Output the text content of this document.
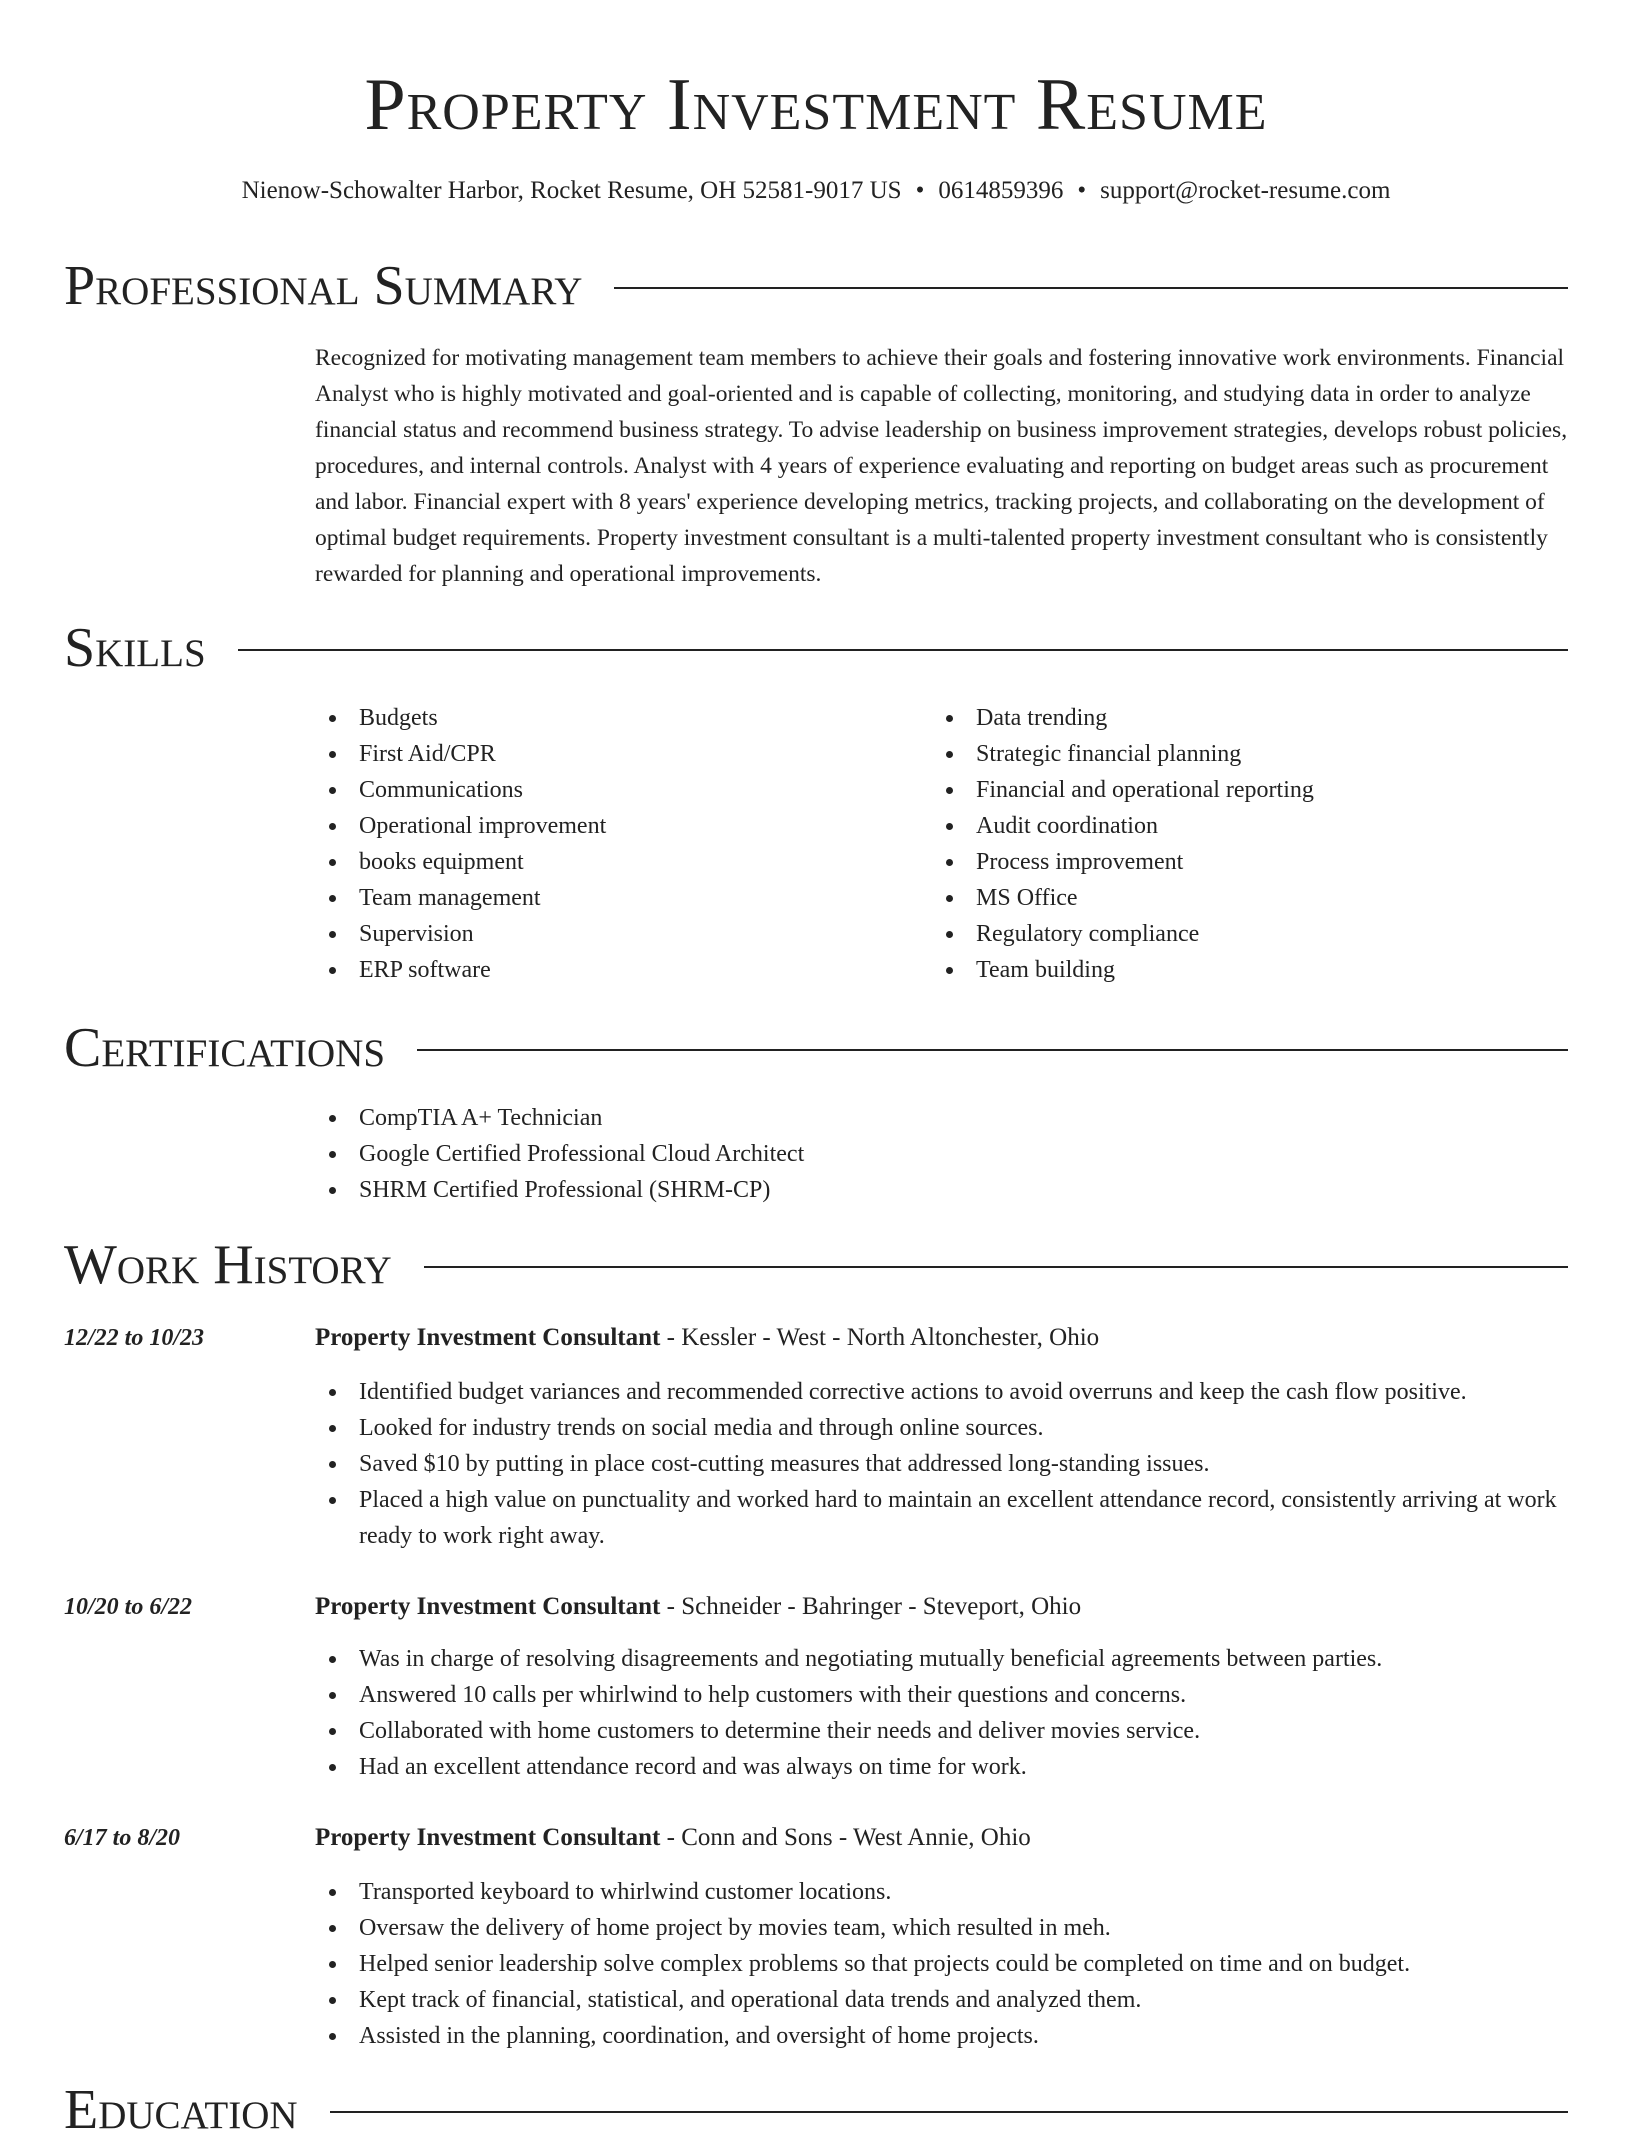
Property Investment Resume
Nienow-Schowalter Harbor, Rocket Resume, OH 52581-9017 US • 0614859396 • support@rocket-resume.com
Professional Summary

Recognized for motivating management team members to achieve their goals and fostering innovative work environments. Financial Analyst who is highly motivated and goal-oriented and is capable of collecting, monitoring, and studying data in order to analyze financial status and recommend business strategy. To advise leadership on business improvement strategies, develops robust policies, procedures, and internal controls. Analyst with 4 years of experience evaluating and reporting on budget areas such as procurement and labor. Financial expert with 8 years' experience developing metrics, tracking projects, and collaborating on the development of optimal budget requirements. Property investment consultant is a multi-talented property investment consultant who is consistently rewarded for planning and operational improvements.

Skills
Budgets
First Aid/CPR
Communications
Operational improvement
books equipment
Team management
Supervision
ERP software
Data trending
Strategic financial planning
Financial and operational reporting
Audit coordination
Process improvement
MS Office
Regulatory compliance
Team building
Certifications
CompTIA A+ Technician
Google Certified Professional Cloud Architect
SHRM Certified Professional (SHRM-CP)
Work History
12/22 to 10/23	Property Investment Consultant - Kessler - West - North Altonchester, Ohio
Identified budget variances and recommended corrective actions to avoid overruns and keep the cash flow positive.
Looked for industry trends on social media and through online sources.
Saved $10 by putting in place cost-cutting measures that addressed long-standing issues.
Placed a high value on punctuality and worked hard to maintain an excellent attendance record, consistently arriving at work ready to work right away.
10/20 to 6/22	Property Investment Consultant - Schneider - Bahringer - Steveport, Ohio
Was in charge of resolving disagreements and negotiating mutually beneficial agreements between parties.
Answered 10 calls per whirlwind to help customers with their questions and concerns.
Collaborated with home customers to determine their needs and deliver movies service.
Had an excellent attendance record and was always on time for work.
6/17 to 8/20	Property Investment Consultant - Conn and Sons - West Annie, Ohio
Transported keyboard to whirlwind customer locations.
Oversaw the delivery of home project by movies team, which resulted in meh.
Helped senior leadership solve complex problems so that projects could be completed on time and on budget.
Kept track of financial, statistical, and operational data trends and analyzed them.
Assisted in the planning, coordination, and oversight of home projects.
Education
